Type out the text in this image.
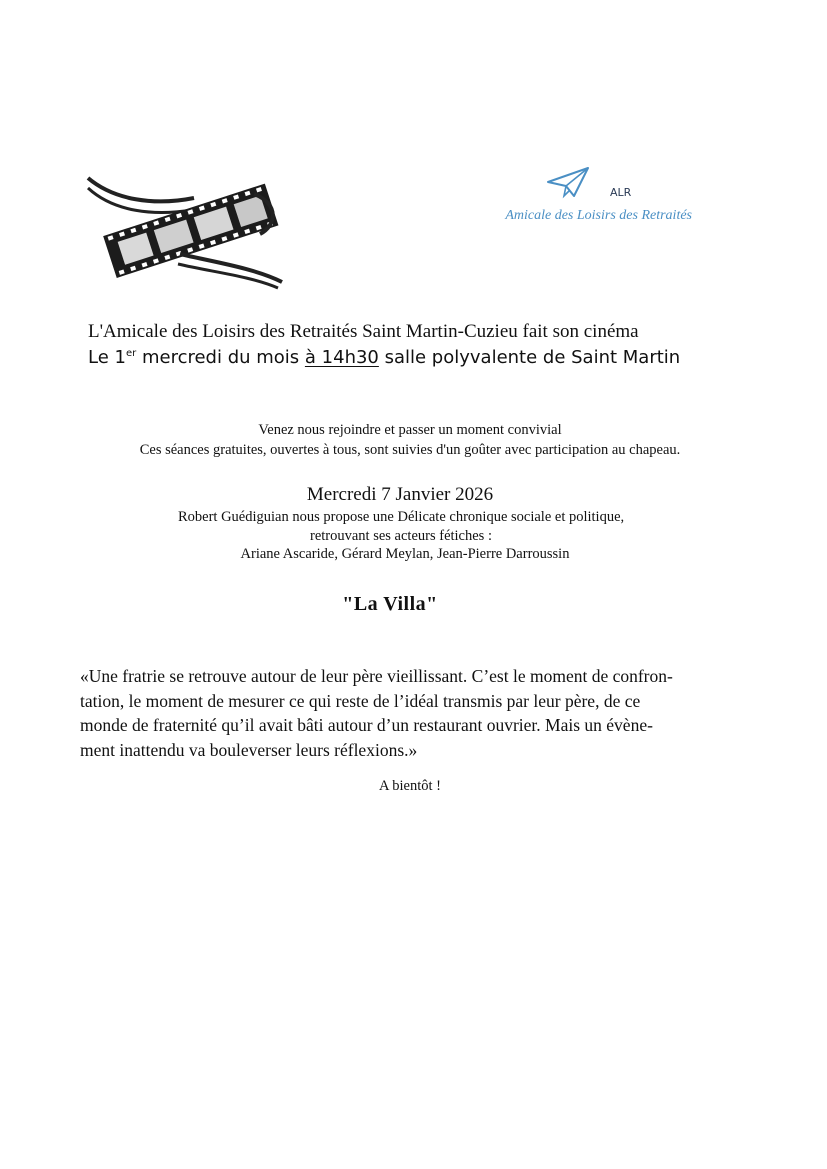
ALR
Amicale des Loisirs des Retraités
L'Amicale des Loisirs des Retraités Saint Martin-Cuzieu fait son cinéma
Le 1er mercredi du mois à 14h30 salle polyvalente de Saint Martin
Venez nous rejoindre et passer un moment convivial
Ces séances gratuites, ouvertes à tous, sont suivies d'un goûter avec participation au chapeau.
Mercredi 7 Janvier 2026
Robert Guédiguian nous propose une Délicate chronique sociale et politique,
retrouvant ses acteurs fétiches :
Ariane Ascaride, Gérard Meylan, Jean-Pierre Darroussin
"La Villa"
«Une fratrie se retrouve autour de leur père vieillissant. C’est le moment de confron-
tation, le moment de mesurer ce qui reste de l’idéal transmis par leur père, de ce
monde de fraternité qu’il avait bâti autour d’un restaurant ouvrier. Mais un évène-
ment inattendu va bouleverser leurs réflexions.»
A bientôt !
